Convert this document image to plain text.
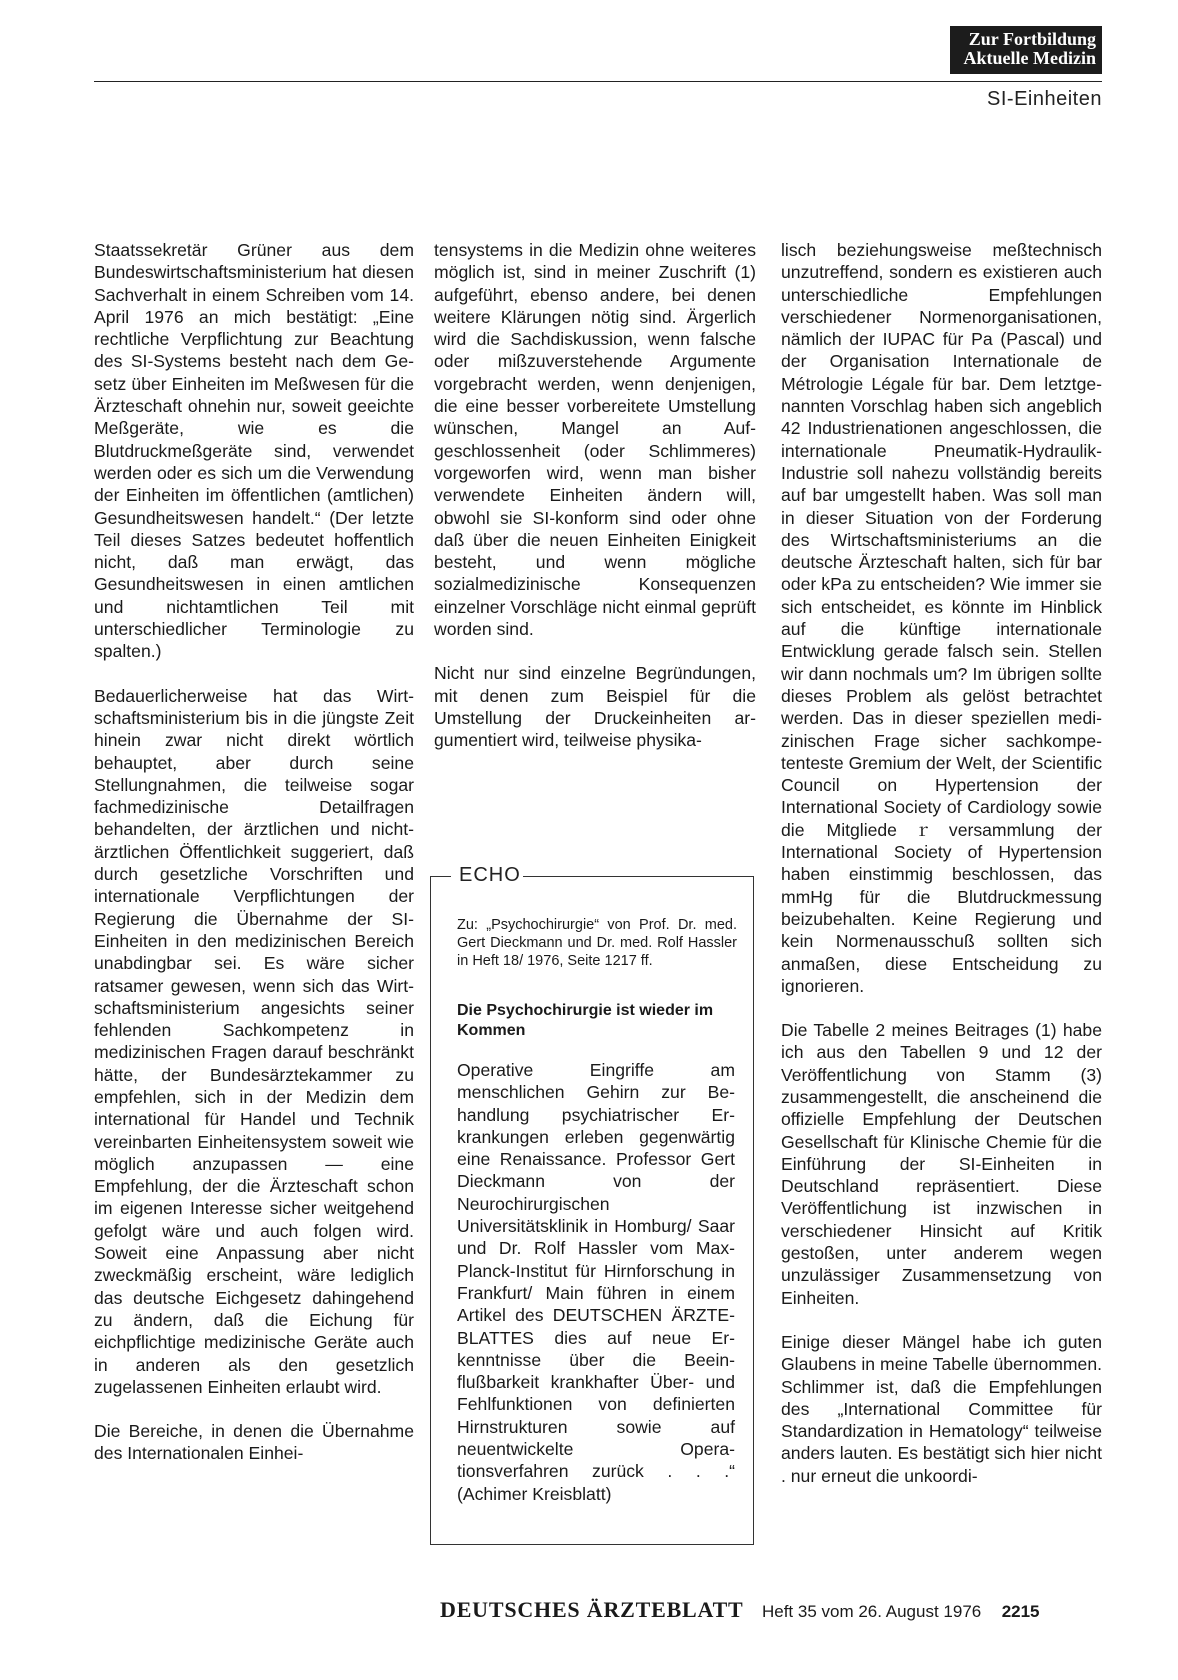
Zur Fortbildung
Aktuelle Medizin
SI-Einheiten

Staatssekretär Grüner aus dem Bundeswirtschaftsministerium hat diesen Sachverhalt in einem Schreiben vom 14. April 1976 an mich bestätigt: „Eine rechtliche Verpflichtung zur Beachtung des SI-Systems besteht nach dem Gesetz über Einheiten im Meßwesen für die Ärzteschaft ohnehin nur, soweit geeichte Meßgeräte, wie es die Blutdruckmeßgeräte sind, verwendet werden oder es sich um die Verwendung der Einheiten im öffentlichen (amtlichen) Gesundheitswesen handelt.“ (Der letzte Teil dieses Satzes bedeutet hoffentlich nicht, daß man erwägt, das Gesundheitswesen in einen amtlichen und nichtamtlichen Teil mit unterschiedlicher Terminologie zu spalten.)

Bedauerlicherweise hat das Wirtschaftsministerium bis in die jüngste Zeit hinein zwar nicht direkt wörtlich behauptet, aber durch seine Stellungnahmen, die teilweise sogar fachmedizinische Detailfragen behandelten, der ärztlichen und nicht-ärztlichen Öffentlichkeit suggeriert, daß durch gesetzliche Vorschriften und internationale Verpflichtungen der Regierung die Übernahme der SI-Einheiten in den medizinischen Bereich unabdingbar sei. Es wäre sicher ratsamer gewesen, wenn sich das Wirtschaftsministerium angesichts seiner fehlenden Sachkompetenz in medizinischen Fragen darauf beschränkt hätte, der Bundesärztekammer zu empfehlen, sich in der Medizin dem international für Handel und Technik vereinbarten Einheitensystem soweit wie möglich anzupassen — eine Empfehlung, der die Ärzteschaft schon im eigenen Interesse sicher weitgehend gefolgt wäre und auch folgen wird. Soweit eine Anpassung aber nicht zweckmäßig erscheint, wäre lediglich das deutsche Eichgesetz dahingehend zu ändern, daß die Eichung für eichpflichtige medizinische Geräte auch in anderen als den gesetzlich zugelassenen Einheiten erlaubt wird.

Die Bereiche, in denen die Übernahme des Internationalen Einhei-

tensystems in die Medizin ohne weiteres möglich ist, sind in meiner Zuschrift (1) aufgeführt, ebenso andere, bei denen weitere Klärungen nötig sind. Ärgerlich wird die Sachdiskussion, wenn falsche oder mißzuverstehende Argumente vorgebracht werden, wenn denjenigen, die eine besser vorbereitete Umstellung wünschen, Mangel an Aufgeschlossenheit (oder Schlimmeres) vorgeworfen wird, wenn man bisher verwendete Einheiten ändern will, obwohl sie SI-konform sind oder ohne daß über die neuen Einheiten Einigkeit besteht, und wenn mögliche sozialmedizinische Konsequenzen einzelner Vorschläge nicht einmal geprüft worden sind.

Nicht nur sind einzelne Begründungen, mit denen zum Beispiel für die Umstellung der Druckeinheiten argumentiert wird, teilweise physika-

ECHO
Zu: „Psychochirurgie“ von Prof. Dr. med. Gert Dieckmann und Dr. med. Rolf Hassler in Heft 18/ 1976, Seite 1217 ff.
Die Psychochirurgie ist wieder im Kommen
Operative Eingriffe am menschlichen Gehirn zur Behandlung psychiatrischer Erkrankungen erleben gegenwärtig eine Renaissance. Professor Gert Dieckmann von der Neurochirurgischen Universitätsklinik in Homburg/ Saar und Dr. Rolf Hassler vom Max-Planck-Institut für Hirnforschung in Frankfurt/ Main führen in einem Artikel des DEUTSCHEN ÄRZTEBLATTES dies auf neue Erkenntnisse über die Beeinflußbarkeit krankhafter Über- und Fehlfunktionen von definierten Hirnstrukturen sowie auf neuentwickelte Operationsverfahren zurück . . .“ (Achimer Kreisblatt)

lisch beziehungsweise meßtechnisch unzutreffend, sondern es existieren auch unterschiedliche Empfehlungen verschiedener Normenorganisationen, nämlich der IUPAC für Pa (Pascal) und der Organisation Internationale de Métrologie Légale für bar. Dem letztgenannten Vorschlag haben sich angeblich 42 Industrienationen angeschlossen, die internationale Pneumatik-Hydraulik-Industrie soll nahezu vollständig bereits auf bar umgestellt haben. Was soll man in dieser Situation von der Forderung des Wirtschaftsministeriums an die deutsche Ärzteschaft halten, sich für bar oder kPa zu entscheiden? Wie immer sie sich entscheidet, es könnte im Hinblick auf die künftige internationale Entwicklung gerade falsch sein. Stellen wir dann nochmals um? Im übrigen sollte dieses Problem als gelöst betrachtet werden. Das in dieser speziellen medizinischen Frage sicher sachkompetenteste Gremium der Welt, der Scientific Council on Hypertension der International Society of Cardiology sowie die Mitgliedeｒversammlung der International Society of Hypertension haben einstimmig beschlossen, das mmHg für die Blutdruckmessung beizubehalten. Keine Regierung und kein Normenausschuß sollten sich anmaßen, diese Entscheidung zu ignorieren.

Die Tabelle 2 meines Beitrages (1) habe ich aus den Tabellen 9 und 12 der Veröffentlichung von Stamm (3) zusammengestellt, die anscheinend die offizielle Empfehlung der Deutschen Gesellschaft für Klinische Chemie für die Einführung der SI-Einheiten in Deutschland repräsentiert. Diese Veröffentlichung ist inzwischen in verschiedener Hinsicht auf Kritik gestoßen, unter anderem wegen unzulässiger Zusammensetzung von Einheiten.

Einige dieser Mängel habe ich guten Glaubens in meine Tabelle übernommen. Schlimmer ist, daß die Empfehlungen des „International Committee für Standardization in Hematology“ teilweise anders lauten. Es bestätigt sich hier nicht . nur erneut die unkoordi-

DEUTSCHES ÄRZTEBLATT Heft 35 vom 26. August 1976 2215
